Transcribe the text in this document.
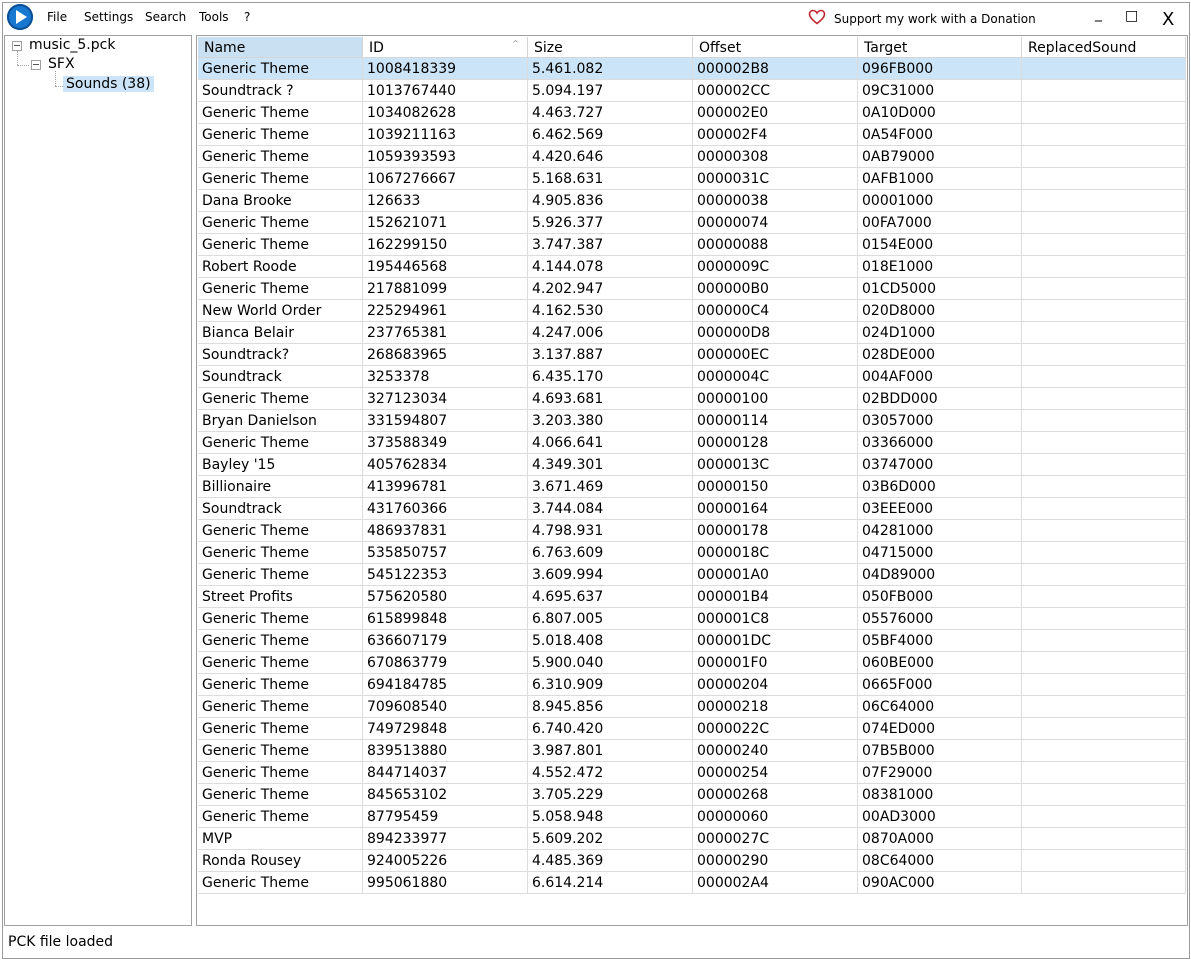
File Settings Search Tools ?	Support my work with a Donation	_ □ X
music_5.pck
SFX
Sounds (38)
Name	ID	^	Size	Offset	Target	ReplacedSound
Generic Theme	1008418339	5.461.082	000002B8	096FB000
Soundtrack ?	1013767440	5.094.197	000002CC	09C31000
Generic Theme	1034082628	4.463.727	000002E0	0A10D000
Generic Theme	1039211163	6.462.569	000002F4	0A54F000
Generic Theme	1059393593	4.420.646	00000308	0AB79000
Generic Theme	1067276667	5.168.631	0000031C	0AFB1000
Dana Brooke	126633	4.905.836	00000038	00001000
Generic Theme	152621071	5.926.377	00000074	00FA7000
Generic Theme	162299150	3.747.387	00000088	0154E000
Robert Roode	195446568	4.144.078	0000009C	018E1000
Generic Theme	217881099	4.202.947	000000B0	01CD5000
New World Order	225294961	4.162.530	000000C4	020D8000
Bianca Belair	237765381	4.247.006	000000D8	024D1000
Soundtrack?	268683965	3.137.887	000000EC	028DE000
Soundtrack	3253378	6.435.170	0000004C	004AF000
Generic Theme	327123034	4.693.681	00000100	02BDD000
Bryan Danielson	331594807	3.203.380	00000114	03057000
Generic Theme	373588349	4.066.641	00000128	03366000
Bayley '15	405762834	4.349.301	0000013C	03747000
Billionaire	413996781	3.671.469	00000150	03B6D000
Soundtrack	431760366	3.744.084	00000164	03EEE000
Generic Theme	486937831	4.798.931	00000178	04281000
Generic Theme	535850757	6.763.609	0000018C	04715000
Generic Theme	545122353	3.609.994	000001A0	04D89000
Street Profits	575620580	4.695.637	000001B4	050FB000
Generic Theme	615899848	6.807.005	000001C8	05576000
Generic Theme	636607179	5.018.408	000001DC	05BF4000
Generic Theme	670863779	5.900.040	000001F0	060BE000
Generic Theme	694184785	6.310.909	00000204	0665F000
Generic Theme	709608540	8.945.856	00000218	06C64000
Generic Theme	749729848	6.740.420	0000022C	074ED000
Generic Theme	839513880	3.987.801	00000240	07B5B000
Generic Theme	844714037	4.552.472	00000254	07F29000
Generic Theme	845653102	3.705.229	00000268	08381000
Generic Theme	87795459	5.058.948	00000060	00AD3000
MVP	894233977	5.609.202	0000027C	0870A000
Ronda Rousey	924005226	4.485.369	00000290	08C64000
Generic Theme	995061880	6.614.214	000002A4	090AC000
PCK file loaded
